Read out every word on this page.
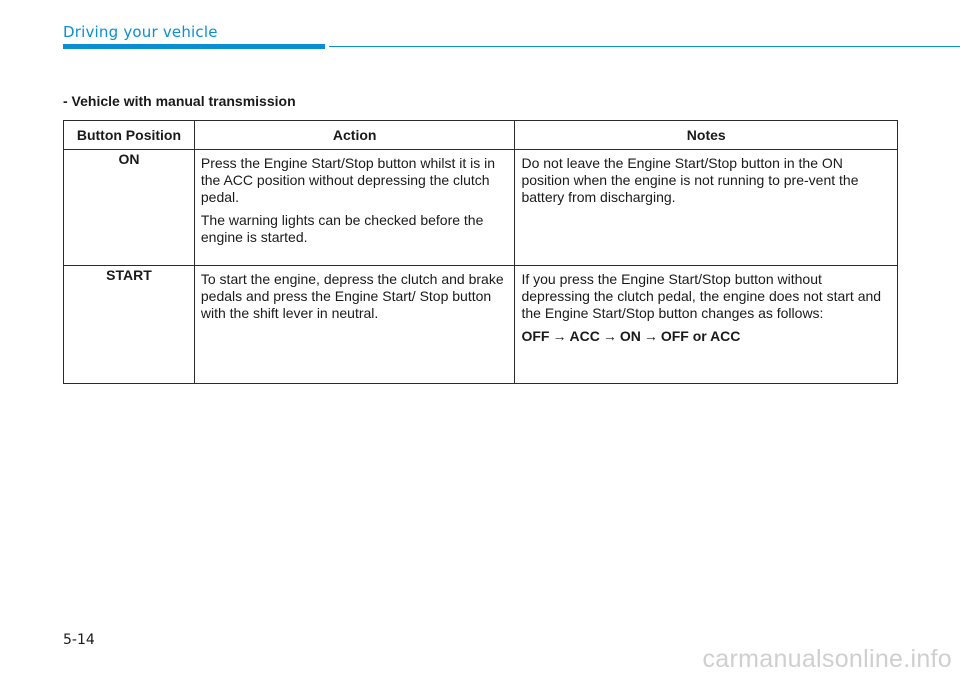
Driving your vehicle
- Vehicle with manual transmission
Button Position	Action	Notes
ON	Press the Engine Start/Stop button whilst it is in the ACC position without depressing the clutch pedal.

The warning lights can be checked before the engine is started.	Do not leave the Engine Start/Stop button in the ON position when the engine is not running to pre-vent the battery from discharging.

START	To start the engine, depress the clutch and brake pedals and press the Engine Start/ Stop button with the shift lever in neutral.	If you press the Engine Start/Stop button without depressing the clutch pedal, the engine does not start and the Engine Start/Stop button changes as follows:

OFF → ACC → ON → OFF or ACC

5-14
carmanualsonline.info
